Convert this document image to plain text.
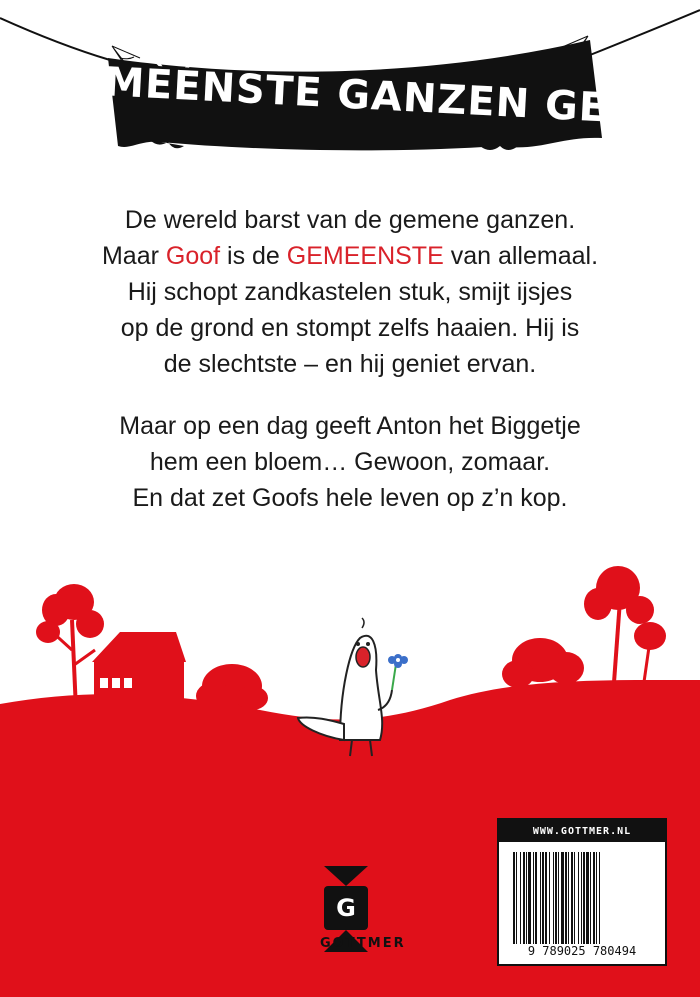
GEMÈÉNSTE GANZEN GEN.

De wereld barst van de gemene ganzen.
Maar Goof is de GEMEENSTE van allemaal.
Hij schopt zandkastelen stuk, smijt ijsjes
op de grond en stompt zelfs haaien. Hij is
de slechtste – en hij geniet ervan.

Maar op een dag geeft Anton het Biggetje
hem een bloem… Gewoon, zomaar.
En dat zet Goofs hele leven op z’n kop.

G
GOTTMER
WWW.GOTTMER.NL
9 789025 780494
